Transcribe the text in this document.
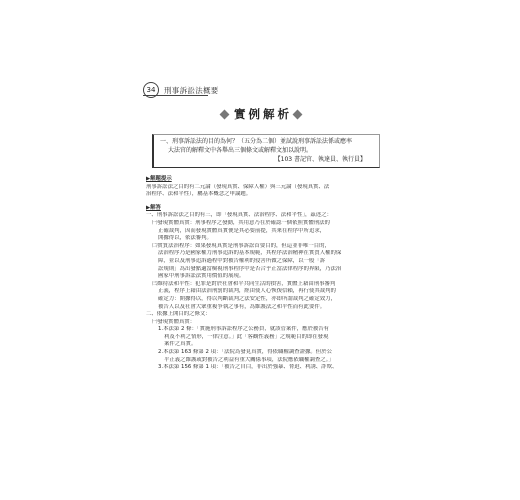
34	刑事訴訟法概要
實例解析
一、刑事訴訟法的目的為何？（五分為二個）並試說刑事訴訟法係或應率
大法官的解釋文中各舉出三個條文或解釋文加以說明。
【103 書記官、執達員、執行員】
▶解題提示
刑事訴訟法之目的有二元論（發現真實、保障人權）與三元論（發現真實、法
治程序、法和平性），屬基本概念之申論題。
▶解答
一、刑事訴訟法之目的有三，即「發現真實、法治程序、法和平性」，茲述之：
㈠發現實體真實：刑事程序之發動，其用意乃在於確認一個依照實體刑法的
正確裁判，因而發現實體真實便是其必要前提，其來在程序中所追求，
開據得以，依法審判。
㈡實質法治程序：如果發現真實是刑事訴訟首要目的，但這並非唯一目的，
法治程序乃是國家權力刑事追訴的基本規範，其程序法治精神在實質人權的保
障，並以及刑事追訴過程中對被告權利的侵害所做之保障，以一般「訴
訟規則」為出發點適當檢視刑事程序中是否合乎正當法律程序的界限，乃法治
國家中刑事訴訟法實用價值的展現。
㈢維持法和平性：犯罪是對於社會和平共同生活的損害，實體上藉由刑事審判
正義，程序上藉由法治刑罰的裁判，經由使人心恢復信賴，再行使其裁判的
確定力：開據得以，得以判斷裁判之法安定性，亦即所謂裁判之確定效力，
被告人以及社會大眾重複爭執之事有，為維護法之和平性而有此要件。
二、依據上開目的之條文：
㈠發現實體真實：
1.本法第 2 條：「實施刑事訴訟程序之公務員，就該管案件，應於被告有
利及不利之情形，一律注意。」此「客觀性義務」之規範目的即在發現
案件之真實。
2.本法第 163 條第 2 項：「法院為發見真實，得依職權調查證據。但於公
平正義之維護或對被告之利益有重大關係事項，法院應依職權調查之。」
3.本法第 156 條第 1 項：「被告之自白，非出於強暴、脅迫、利誘、詐欺、
